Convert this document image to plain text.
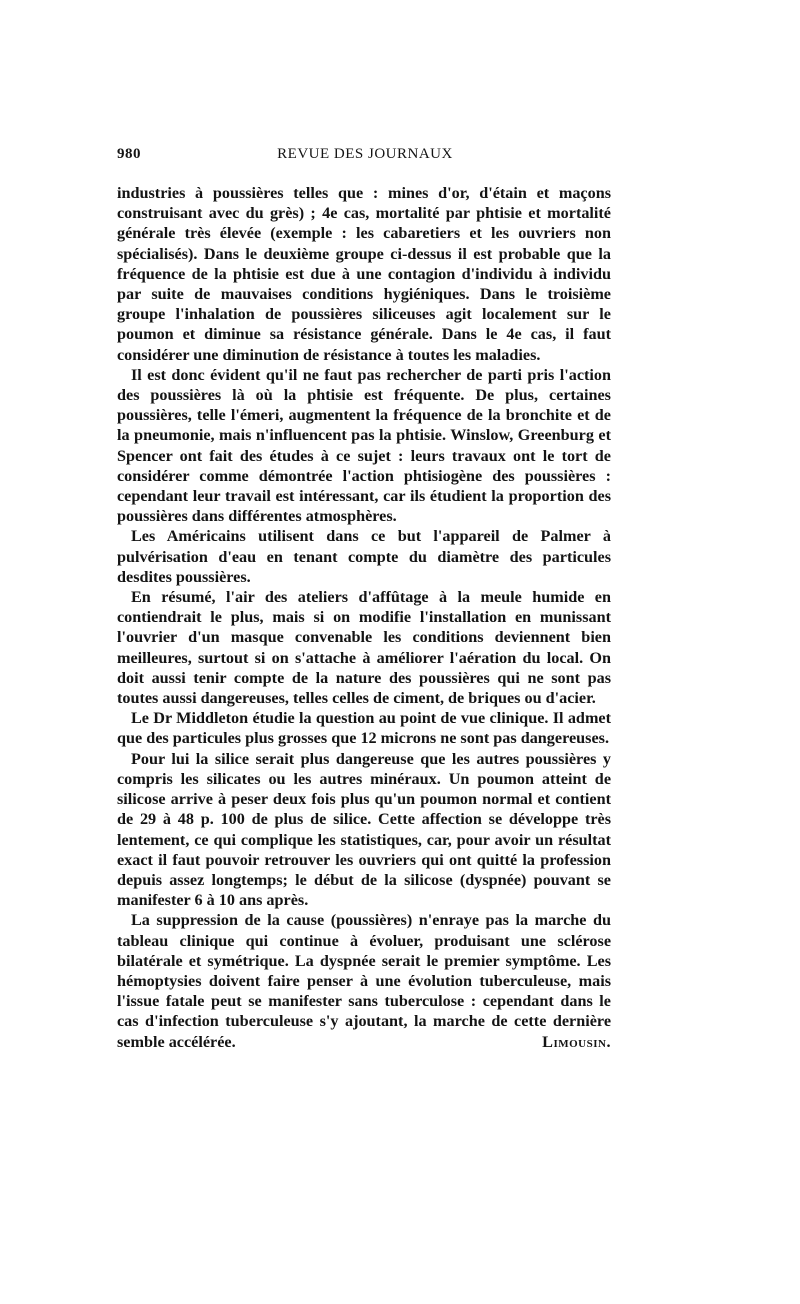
980	REVUE DES JOURNAUX

industries à poussières telles que : mines d'or, d'étain et maçons construisant avec du grès) ; 4e cas, mortalité par phtisie et mortalité générale très élevée (exemple : les cabaretiers et les ouvriers non spécialisés). Dans le deuxième groupe ci-dessus il est probable que la fréquence de la phtisie est due à une contagion d'individu à individu par suite de mauvaises conditions hygiéniques. Dans le troisième groupe l'inhalation de poussières siliceuses agit localement sur le poumon et diminue sa résistance générale. Dans le 4e cas, il faut considérer une diminution de résistance à toutes les maladies.

Il est donc évident qu'il ne faut pas rechercher de parti pris l'action des poussières là où la phtisie est fréquente. De plus, certaines poussières, telle l'émeri, augmentent la fréquence de la bronchite et de la pneumonie, mais n'influencent pas la phtisie. Winslow, Greenburg et Spencer ont fait des études à ce sujet : leurs travaux ont le tort de considérer comme démontrée l'action phtisiogène des poussières : cependant leur travail est intéressant, car ils étudient la proportion des poussières dans différentes atmosphères.

Les Américains utilisent dans ce but l'appareil de Palmer à pulvérisation d'eau en tenant compte du diamètre des particules desdites poussières.

En résumé, l'air des ateliers d'affûtage à la meule humide en contiendrait le plus, mais si on modifie l'installation en munissant l'ouvrier d'un masque convenable les conditions deviennent bien meilleures, surtout si on s'attache à améliorer l'aération du local. On doit aussi tenir compte de la nature des poussières qui ne sont pas toutes aussi dangereuses, telles celles de ciment, de briques ou d'acier.

Le Dr Middleton étudie la question au point de vue clinique. Il admet que des particules plus grosses que 12 microns ne sont pas dangereuses.

Pour lui la silice serait plus dangereuse que les autres poussières y compris les silicates ou les autres minéraux. Un poumon atteint de silicose arrive à peser deux fois plus qu'un poumon normal et contient de 29 à 48 p. 100 de plus de silice. Cette affection se développe très lentement, ce qui complique les statistiques, car, pour avoir un résultat exact il faut pouvoir retrouver les ouvriers qui ont quitté la profession depuis assez longtemps; le début de la silicose (dyspnée) pouvant se manifester 6 à 10 ans après.

La suppression de la cause (poussières) n'enraye pas la marche du tableau clinique qui continue à évoluer, produisant une sclérose bilatérale et symétrique. La dyspnée serait le premier symptôme. Les hémoptysies doivent faire penser à une évolution tuberculeuse, mais l'issue fatale peut se manifester sans tuberculose : cependant dans le cas d'infection tuberculeuse s'y ajoutant, la marche de cette dernière semble accélérée.	Limousin.
